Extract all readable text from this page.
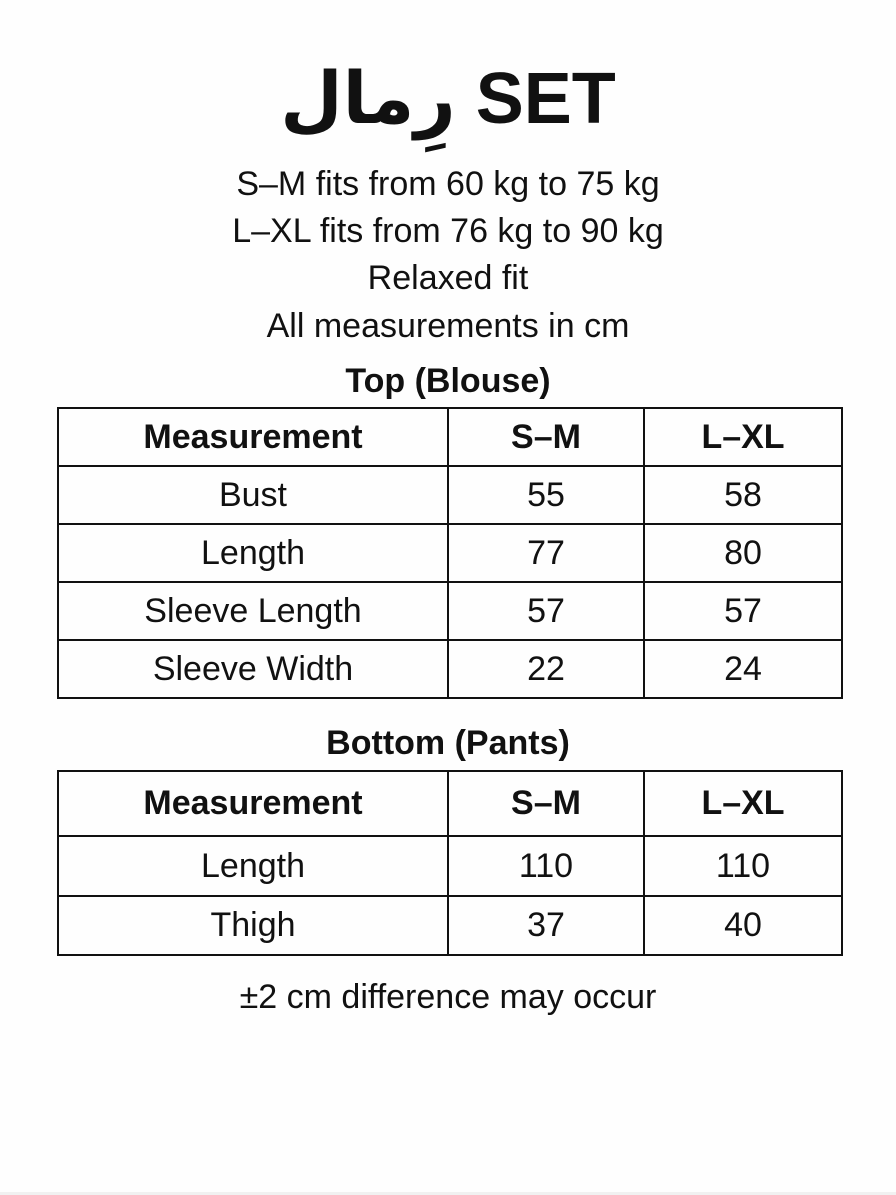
رِمال SET
S–M fits from 60 kg to 75 kg
L–XL fits from 76 kg to 90 kg
Relaxed fit
All measurements in cm
Top (Blouse)
Measurement	S–M	L–XL
Bust	55	58
Length	77	80
Sleeve Length	57	57
Sleeve Width	22	24
Bottom (Pants)
Measurement	S–M	L–XL
Length	110	110
Thigh	37	40
±2 cm difference may occur
